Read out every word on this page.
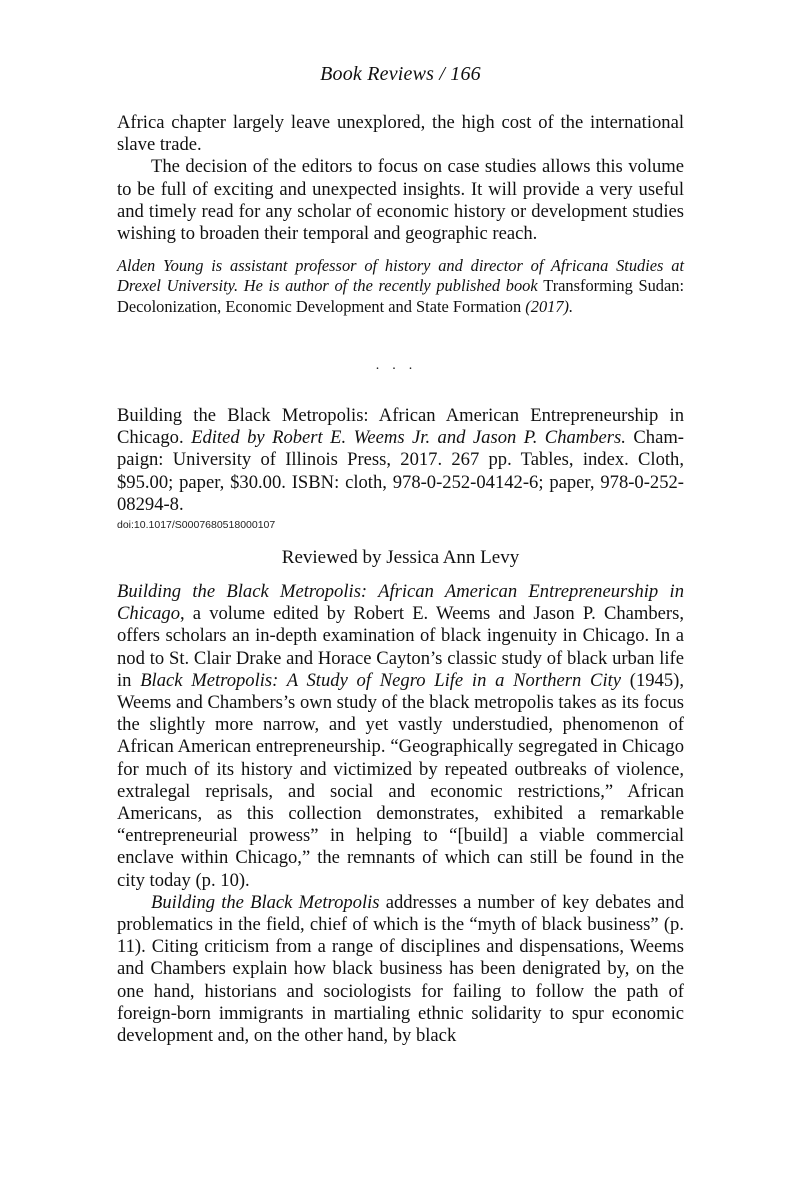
Book Reviews / 166

Africa chapter largely leave unexplored, the high cost of the international slave trade.

The decision of the editors to focus on case studies allows this volume to be full of exciting and unexpected insights. It will provide a very useful and timely read for any scholar of economic history or development studies wishing to broaden their temporal and geographic reach.

Alden Young is assistant professor of history and director of Africana Studies at Drexel University. He is author of the recently published book Transforming Sudan: Decolonization, Economic Development and State Formation (2017).

...

Building the Black Metropolis: African American Entrepreneurship in Chicago. Edited by Robert E. Weems Jr. and Jason P. Chambers. Champaign: University of Illinois Press, 2017. 267 pp. Tables, index. Cloth, $95.00; paper, $30.00. ISBN: cloth, 978-0-252-04142-6; paper, 978-0-252-08294-8.

doi:10.1017/S0007680518000107
Reviewed by Jessica Ann Levy

Building the Black Metropolis: African American Entrepreneurship in Chicago, a volume edited by Robert E. Weems and Jason P. Chambers, offers scholars an in-depth examination of black ingenuity in Chicago. In a nod to St. Clair Drake and Horace Cayton’s classic study of black urban life in Black Metropolis: A Study of Negro Life in a Northern City (1945), Weems and Chambers’s own study of the black metropolis takes as its focus the slightly more narrow, and yet vastly understudied, phenomenon of African American entrepreneurship. “Geographically segregated in Chicago for much of its history and victimized by repeated outbreaks of violence, extralegal reprisals, and social and economic restrictions,” African Americans, as this collection demonstrates, exhibited a remarkable “entrepreneurial prowess” in helping to “[build] a viable commercial enclave within Chicago,” the remnants of which can still be found in the city today (p. 10).

Building the Black Metropolis addresses a number of key debates and problematics in the field, chief of which is the “myth of black business” (p. 11). Citing criticism from a range of disciplines and dispensations, Weems and Chambers explain how black business has been denigrated by, on the one hand, historians and sociologists for failing to follow the path of foreign-born immigrants in martialing ethnic solidarity to spur economic development and, on the other hand, by black
